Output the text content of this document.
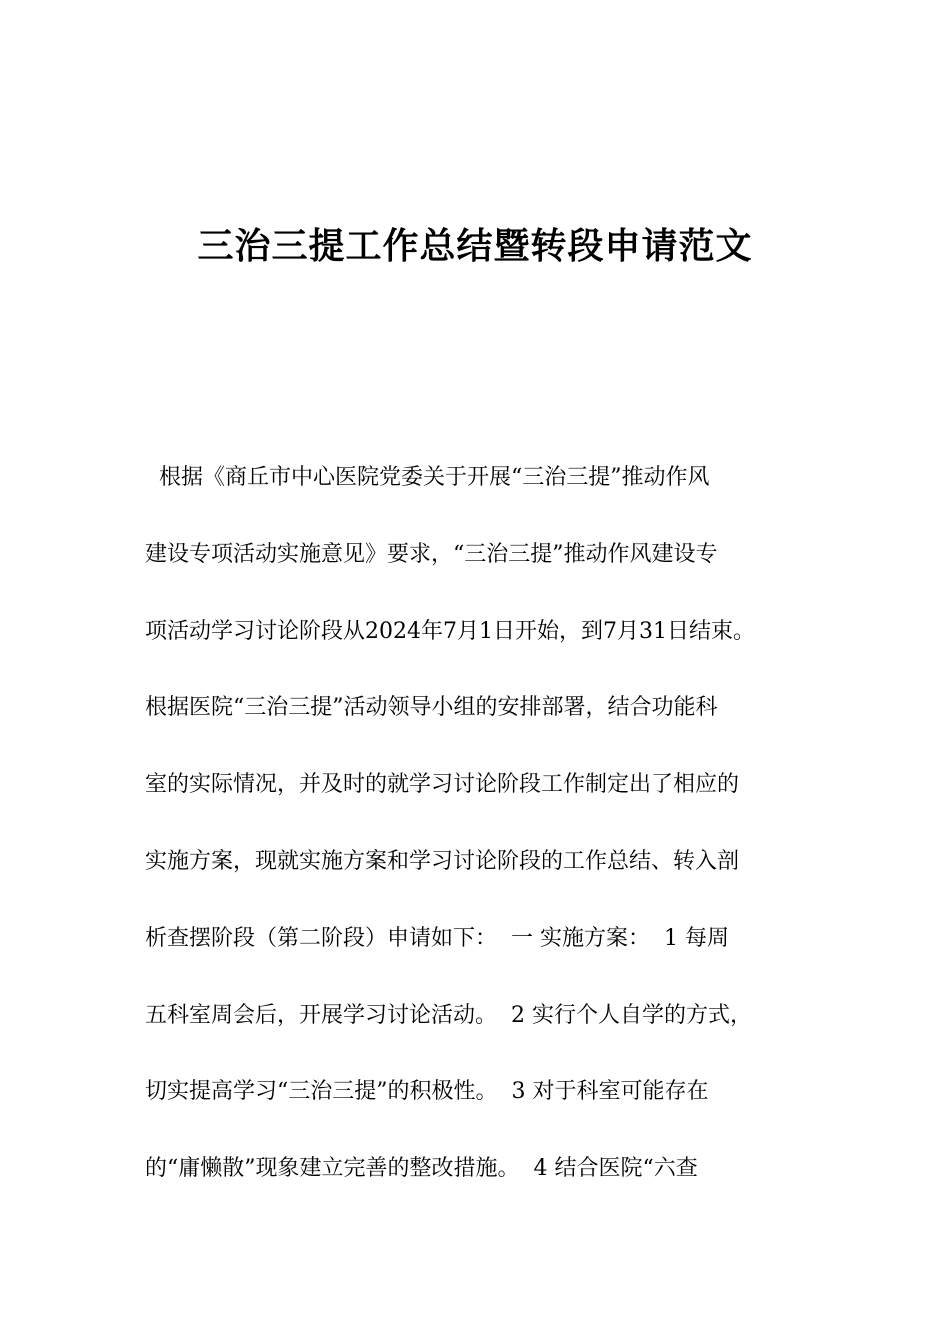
三治三提工作总结暨转段申请范文
根据《商丘市中心医院党委关于开展“三治三提”推动作风
建设专项活动实施意见》要求，“三治三提”推动作风建设专
项活动学习讨论阶段从2024年7月1日开始，到7月31日结束。
根据医院“三治三提”活动领导小组的安排部署，结合功能科
室的实际情况，并及时的就学习讨论阶段工作制定出了相应的
实施方案，现就实施方案和学习讨论阶段的工作总结、转入剖
析查摆阶段（第二阶段）申请如下：  一 实施方案：  1 每周
五科室周会后，开展学习讨论活动。  2 实行个人自学的方式，
切实提高学习“三治三提”的积极性。  3 对于科室可能存在
的“庸懒散”现象建立完善的整改措施。  4 结合医院“六查
